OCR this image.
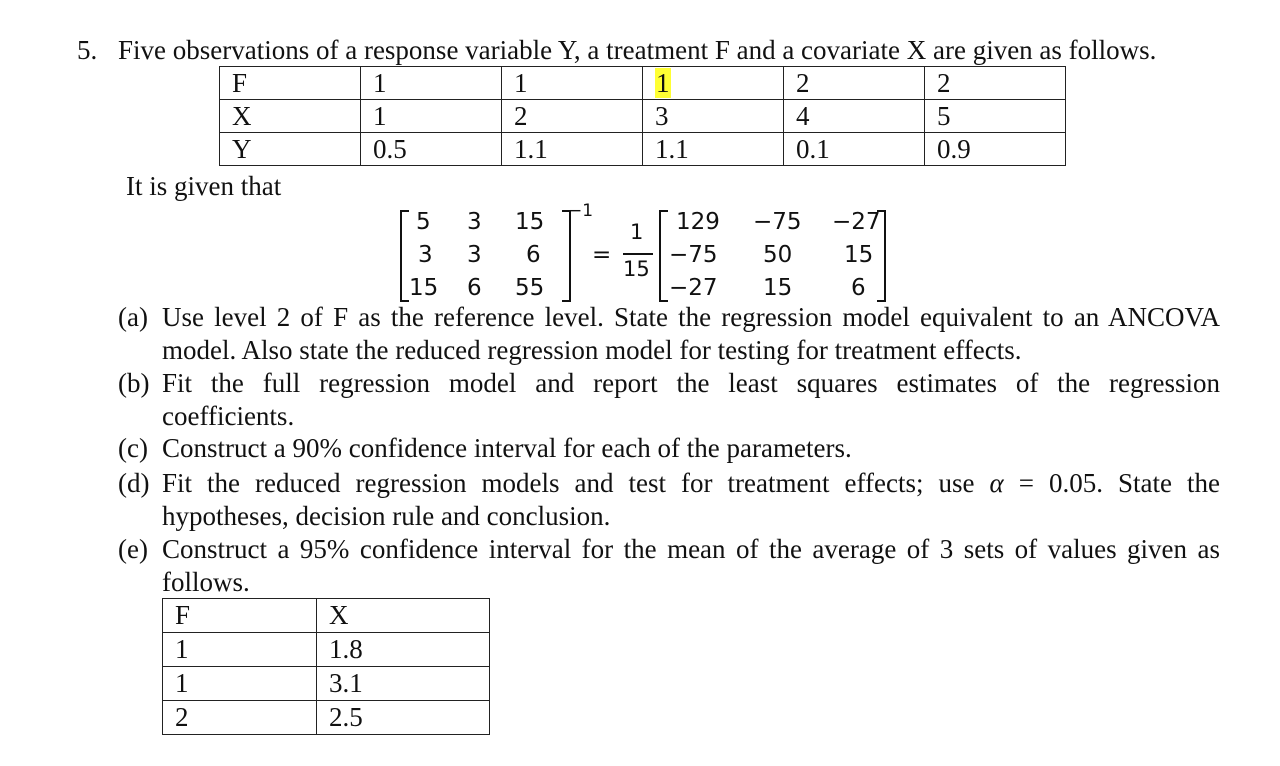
5. Five observations of a response variable Y, a treatment F and a covariate X are given as follows.
F	1	1	1	2	2
X	1	2	3	4	5
Y	0.5	1.1	1.1	0.1	0.9
It is given that
5 3 15
3 3 6
15 6 55
−1
=
1
15
129 −75 −27
−75 50 15
−27 15	6
(a) Use level 2 of F as the reference level. State the regression model equivalent to an ANCOVA
model. Also state the reduced regression model for testing for treatment effects.
(b) Fit the full regression model and report the least squares estimates of the regression
coefficients.
(c) Construct a 90% confidence interval for each of the parameters.
(d) Fit the reduced regression models and test for treatment effects; use α = 0.05. State the
hypotheses, decision rule and conclusion.
(e) Construct a 95% confidence interval for the mean of the average of 3 sets of values given as
follows.
F	X
1	1.8
1	3.1
2	2.5
